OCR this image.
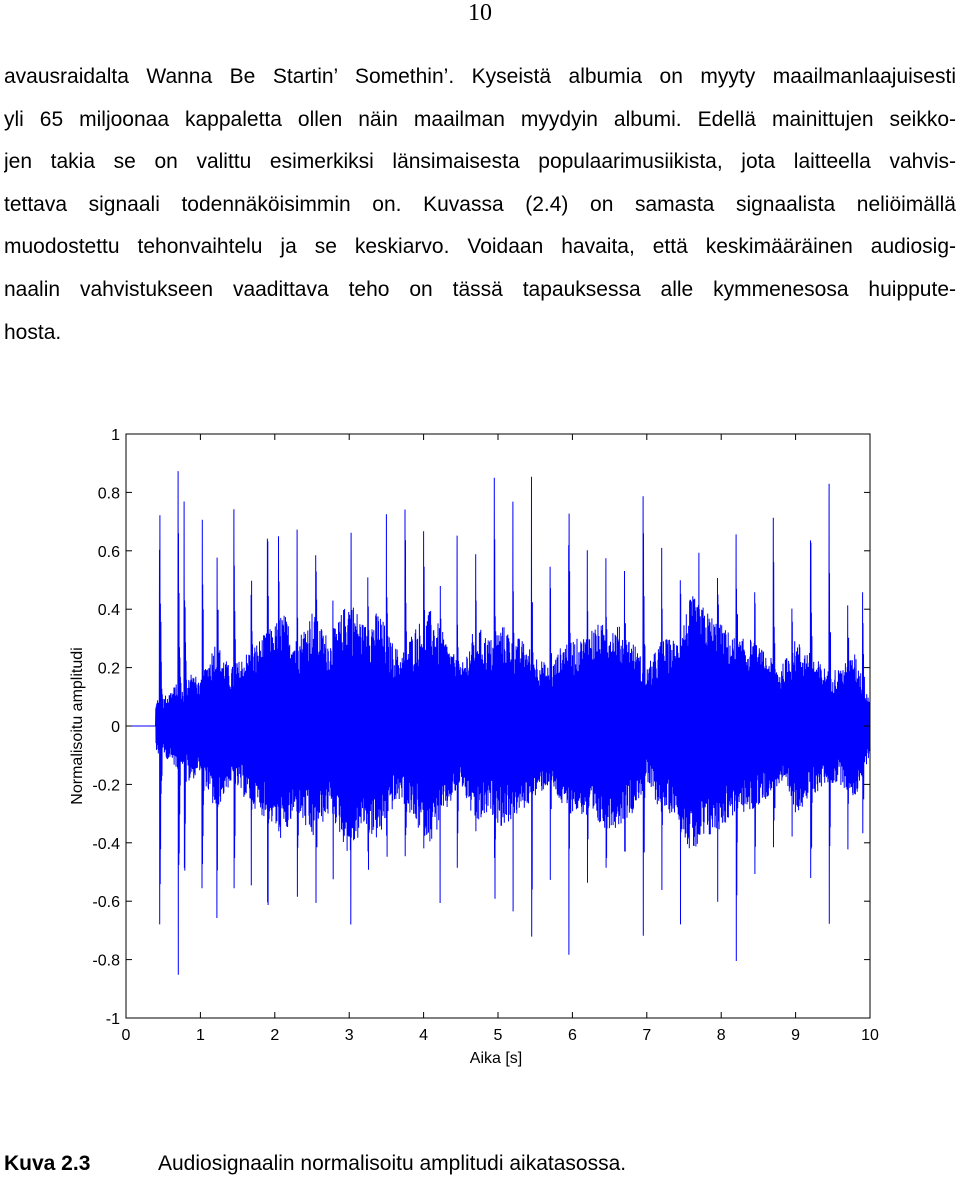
10
avausraidalta Wanna Be Startin’ Somethin’. Kyseistä albumia on myyty maailmanlaajuisesti
yli 65 miljoonaa kappaletta ollen näin maailman myydyin albumi. Edellä mainittujen seikko-
jen takia se on valittu esimerkiksi länsimaisesta populaarimusiikista, jota laitteella vahvis-
tettava signaali todennäköisimmin on. Kuvassa (2.4) on samasta signaalista neliöimällä
muodostettu tehonvaihtelu ja se keskiarvo. Voidaan havaita, että keskimääräinen audiosig-
naalin vahvistukseen vaadittava teho on tässä tapauksessa alle kymmenesosa huippute-
hosta.
0	1	2	3	4	5	6	7	8	9	10
1
0.8
0.6
0.4
0.2
0
-0.2
-0.4
-0.6
-0.8
-1
Aika [s]
Normalisoitu amplitudi
Kuva 2.3	Audiosignaalin normalisoitu amplitudi aikatasossa.
